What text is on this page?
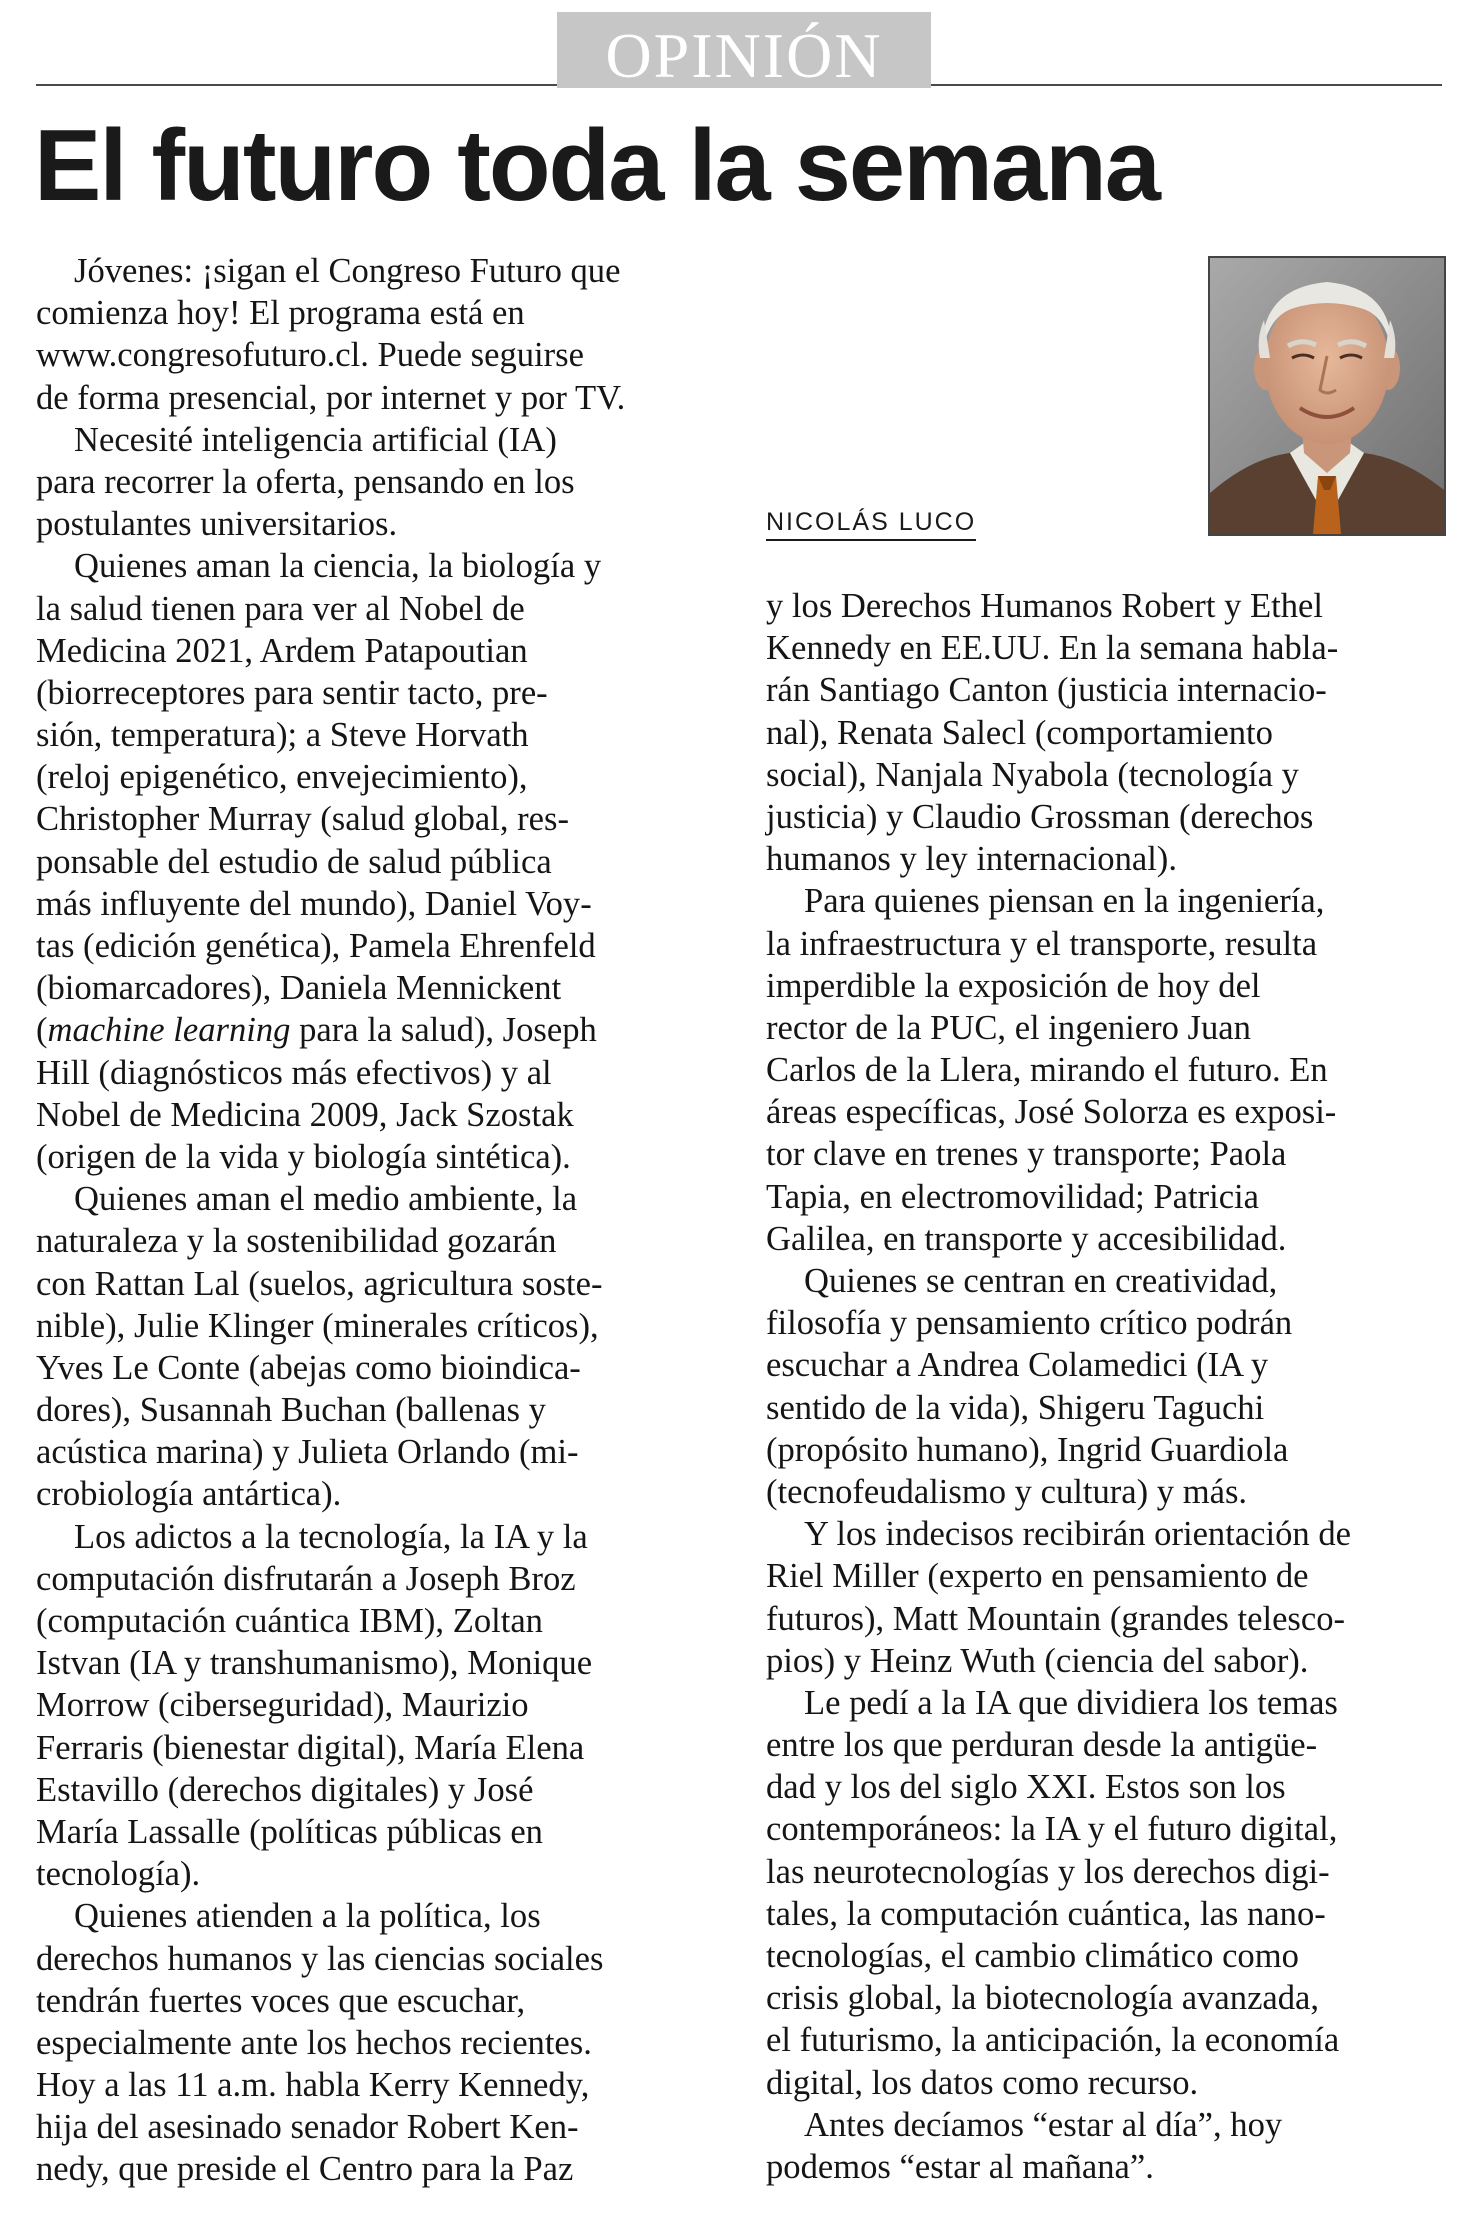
OPINIÓN
El futuro toda la semana
Jóvenes: ¡sigan el Congreso Futuro que
comienza hoy! El programa está en
www.congresofuturo.cl. Puede seguirse
de forma presencial, por internet y por TV.
Necesité inteligencia artificial (IA)
para recorrer la oferta, pensando en los
postulantes universitarios.
Quienes aman la ciencia, la biología y
la salud tienen para ver al Nobel de
Medicina 2021, Ardem Patapoutian
(biorreceptores para sentir tacto, pre-
sión, temperatura); a Steve Horvath
(reloj epigenético, envejecimiento),
Christopher Murray (salud global, res-
ponsable del estudio de salud pública
más influyente del mundo), Daniel Voy-
tas (edición genética), Pamela Ehrenfeld
(biomarcadores), Daniela Mennickent
(machine learning para la salud), Joseph
Hill (diagnósticos más efectivos) y al
Nobel de Medicina 2009, Jack Szostak
(origen de la vida y biología sintética).
Quienes aman el medio ambiente, la
naturaleza y la sostenibilidad gozarán
con Rattan Lal (suelos, agricultura soste-
nible), Julie Klinger (minerales críticos),
Yves Le Conte (abejas como bioindica-
dores), Susannah Buchan (ballenas y
acústica marina) y Julieta Orlando (mi-
crobiología antártica).
Los adictos a la tecnología, la IA y la
computación disfrutarán a Joseph Broz
(computación cuántica IBM), Zoltan
Istvan (IA y transhumanismo), Monique
Morrow (ciberseguridad), Maurizio
Ferraris (bienestar digital), María Elena
Estavillo (derechos digitales) y José
María Lassalle (políticas públicas en
tecnología).
Quienes atienden a la política, los
derechos humanos y las ciencias sociales
tendrán fuertes voces que escuchar,
especialmente ante los hechos recientes.
Hoy a las 11 a.m. habla Kerry Kennedy,
hija del asesinado senador Robert Ken-
nedy, que preside el Centro para la Paz
NICOLÁS LUCO
y los Derechos Humanos Robert y Ethel
Kennedy en EE.UU. En la semana habla-
rán Santiago Canton (justicia internacio-
nal), Renata Salecl (comportamiento
social), Nanjala Nyabola (tecnología y
justicia) y Claudio Grossman (derechos
humanos y ley internacional).
Para quienes piensan en la ingeniería,
la infraestructura y el transporte, resulta
imperdible la exposición de hoy del
rector de la PUC, el ingeniero Juan
Carlos de la Llera, mirando el futuro. En
áreas específicas, José Solorza es exposi-
tor clave en trenes y transporte; Paola
Tapia, en electromovilidad; Patricia
Galilea, en transporte y accesibilidad.
Quienes se centran en creatividad,
filosofía y pensamiento crítico podrán
escuchar a Andrea Colamedici (IA y
sentido de la vida), Shigeru Taguchi
(propósito humano), Ingrid Guardiola
(tecnofeudalismo y cultura) y más.
Y los indecisos recibirán orientación de
Riel Miller (experto en pensamiento de
futuros), Matt Mountain (grandes telesco-
pios) y Heinz Wuth (ciencia del sabor).
Le pedí a la IA que dividiera los temas
entre los que perduran desde la antigüe-
dad y los del siglo XXI. Estos son los
contemporáneos: la IA y el futuro digital,
las neurotecnologías y los derechos digi-
tales, la computación cuántica, las nano-
tecnologías, el cambio climático como
crisis global, la biotecnología avanzada,
el futurismo, la anticipación, la economía
digital, los datos como recurso.
Antes decíamos “estar al día”, hoy
podemos “estar al mañana”.
